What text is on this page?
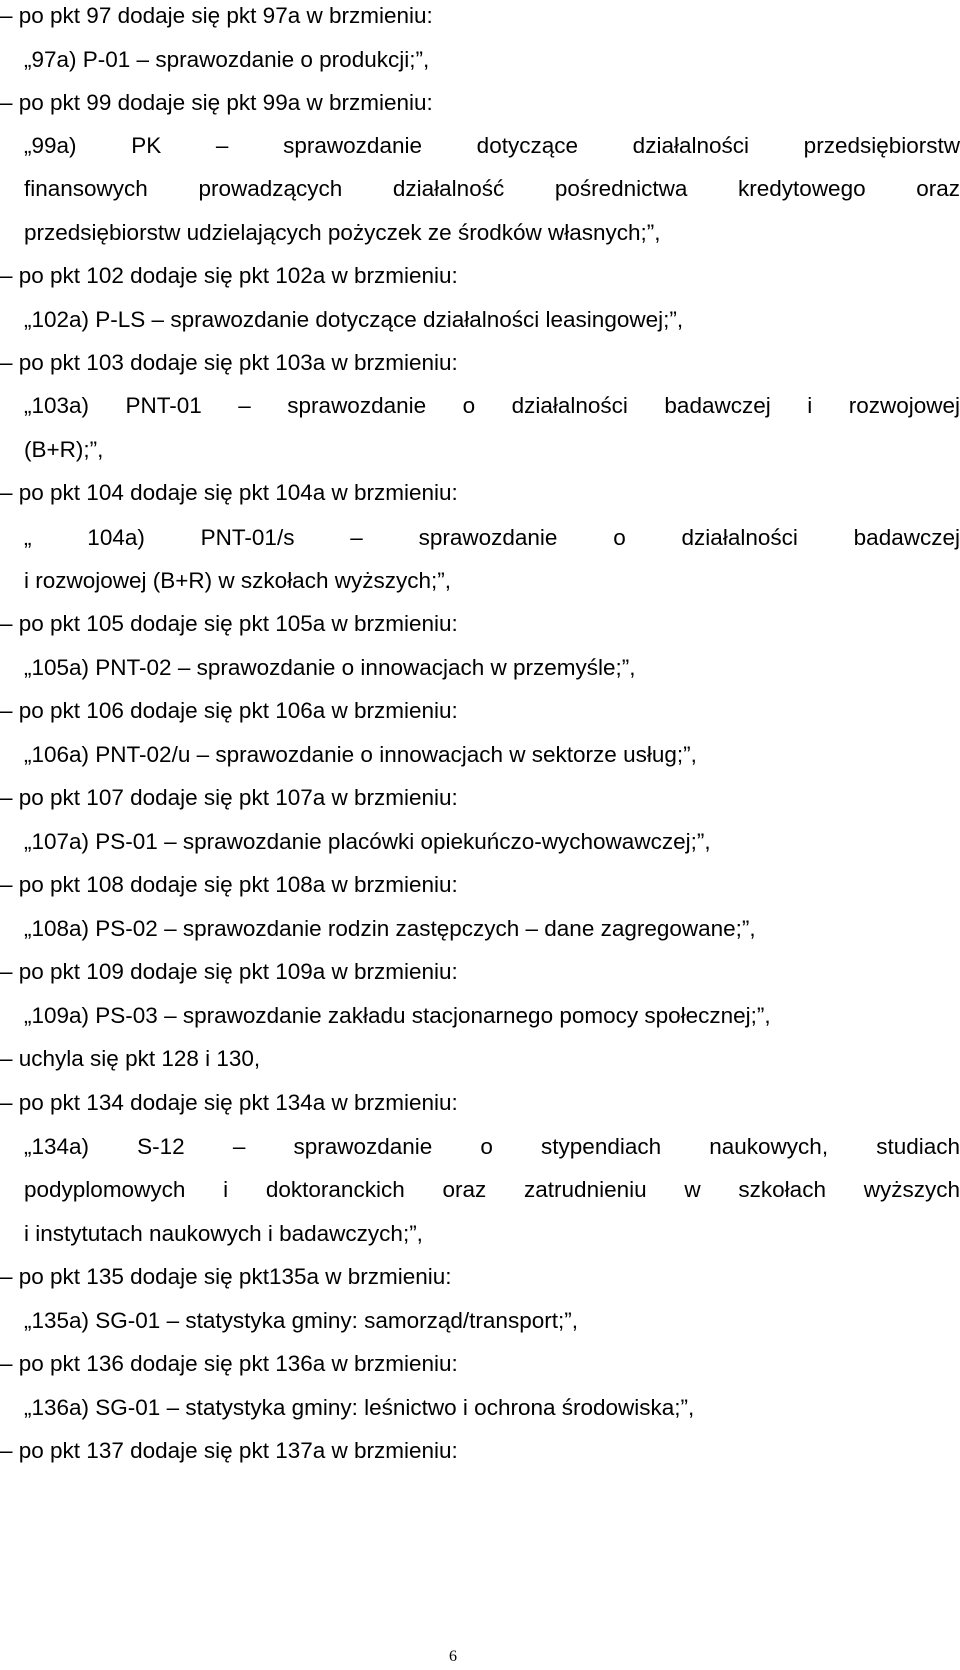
– po pkt 97 dodaje się pkt 97a w brzmieniu:
„97a) P-01 – sprawozdanie o produkcji;”,
– po pkt 99 dodaje się pkt 99a w brzmieniu:
„99a) PK – sprawozdanie dotyczące działalności przedsiębiorstw
finansowych prowadzących działalność pośrednictwa kredytowego oraz
przedsiębiorstw udzielających pożyczek ze środków własnych;”,
– po pkt 102 dodaje się pkt 102a w brzmieniu:
„102a) P-LS – sprawozdanie dotyczące działalności leasingowej;”,
– po pkt 103 dodaje się pkt 103a w brzmieniu:
„103a) PNT-01 – sprawozdanie o działalności badawczej i rozwojowej
(B+R);”,
– po pkt 104 dodaje się pkt 104a w brzmieniu:
„ 104a) PNT-01/s – sprawozdanie o działalności badawczej
i rozwojowej (B+R) w szkołach wyższych;”,
– po pkt 105 dodaje się pkt 105a w brzmieniu:
„105a) PNT-02 – sprawozdanie o innowacjach w przemyśle;”,
– po pkt 106 dodaje się pkt 106a w brzmieniu:
„106a) PNT-02/u – sprawozdanie o innowacjach w sektorze usług;”,
– po pkt 107 dodaje się pkt 107a w brzmieniu:
„107a) PS-01 – sprawozdanie placówki opiekuńczo-wychowawczej;”,
– po pkt 108 dodaje się pkt 108a w brzmieniu:
„108a) PS-02 – sprawozdanie rodzin zastępczych – dane zagregowane;”,
– po pkt 109 dodaje się pkt 109a w brzmieniu:
„109a) PS-03 – sprawozdanie zakładu stacjonarnego pomocy społecznej;”,
– uchyla się pkt 128 i 130,
– po pkt 134 dodaje się pkt 134a w brzmieniu:
„134a) S-12 – sprawozdanie o stypendiach naukowych, studiach
podyplomowych i doktoranckich oraz zatrudnieniu w szkołach wyższych
i instytutach naukowych i badawczych;”,
– po pkt 135 dodaje się pkt135a w brzmieniu:
„135a) SG-01 – statystyka gminy: samorząd/transport;”,
– po pkt 136 dodaje się pkt 136a w brzmieniu:
„136a) SG-01 – statystyka gminy: leśnictwo i ochrona środowiska;”,
– po pkt 137 dodaje się pkt 137a w brzmieniu:
6
